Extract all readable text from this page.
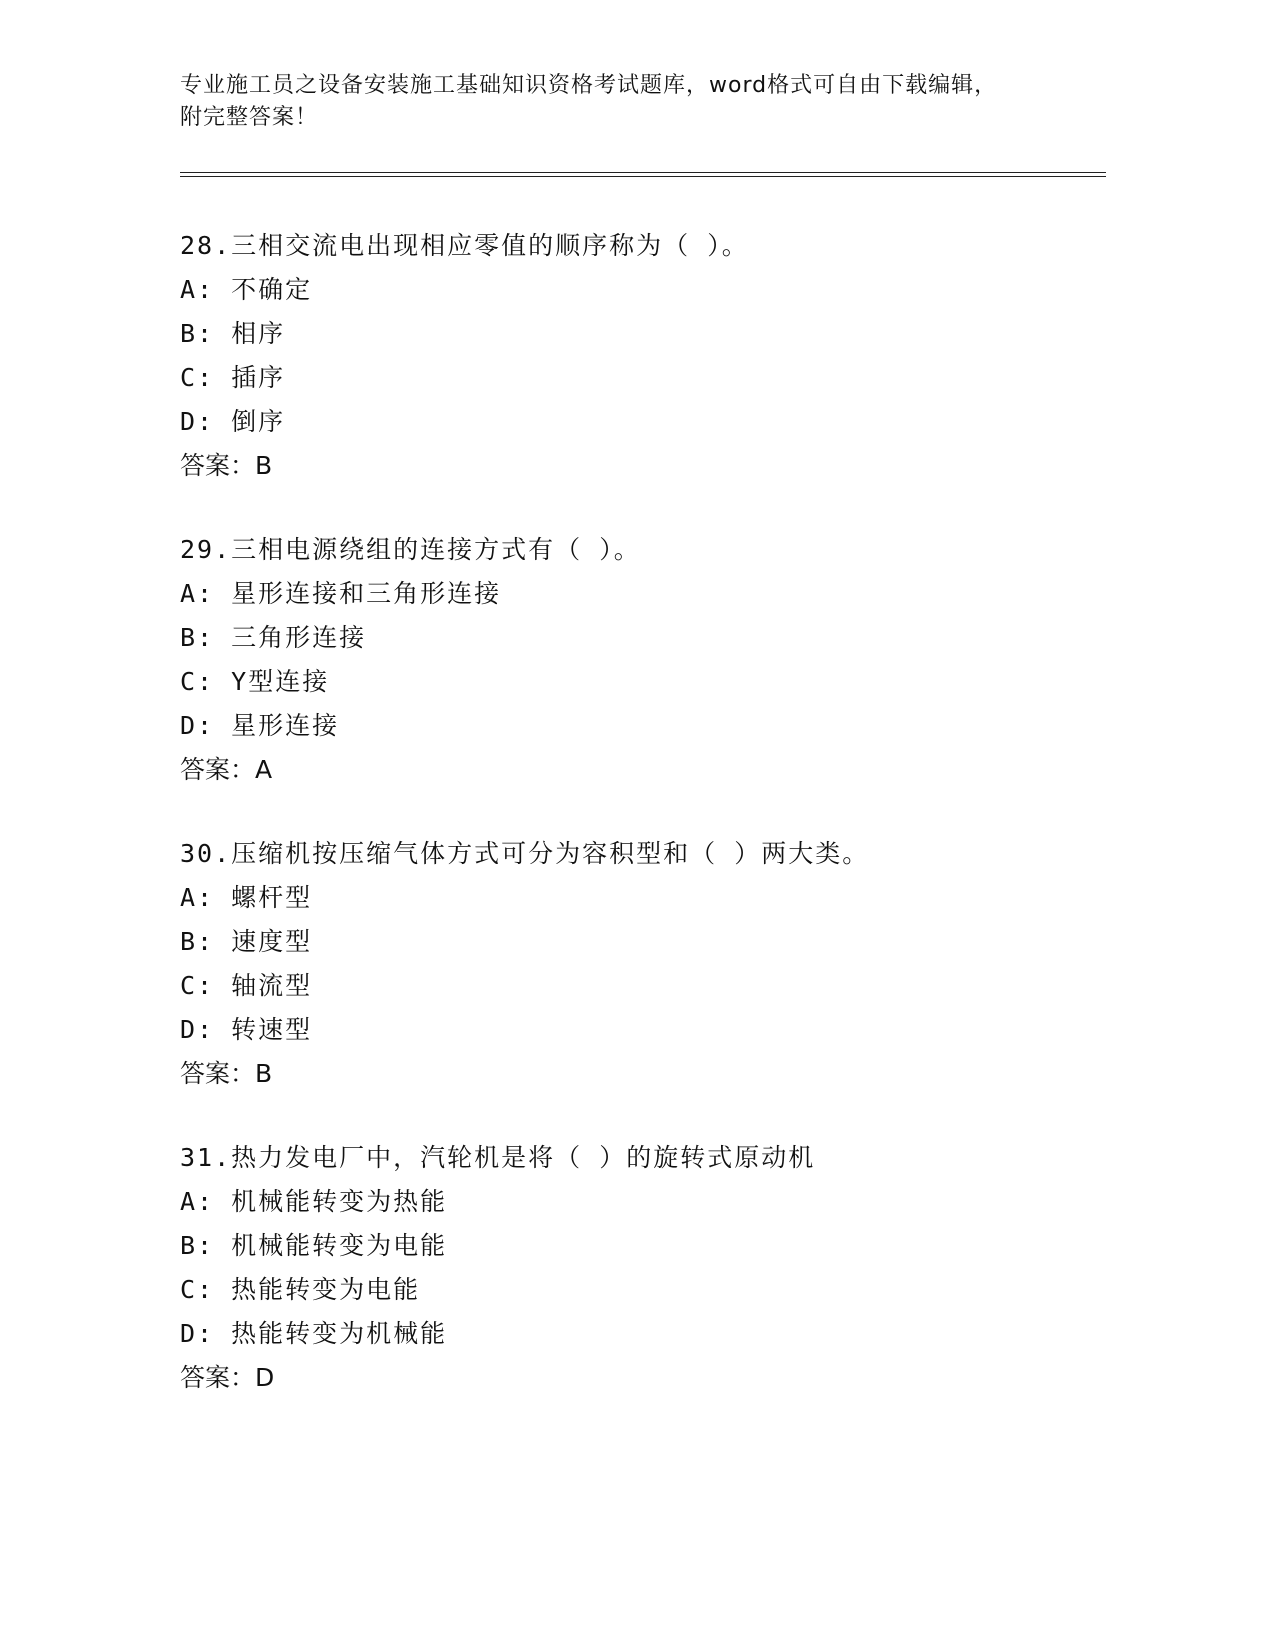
专业施工员之设备安装施工基础知识资格考试题库，word格式可自由下载编辑，
附完整答案！
28.三相交流电出现相应零值的顺序称为（ ）。
A: 不确定
B: 相序
C: 插序
D: 倒序
答案：B
29.三相电源绕组的连接方式有（ ）。
A: 星形连接和三角形连接
B: 三角形连接
C: Y型连接
D: 星形连接
答案：A
30.压缩机按压缩气体方式可分为容积型和（ ）两大类。
A: 螺杆型
B: 速度型
C: 轴流型
D: 转速型
答案：B
31.热力发电厂中，汽轮机是将（ ）的旋转式原动机
A: 机械能转变为热能
B: 机械能转变为电能
C: 热能转变为电能
D: 热能转变为机械能
答案：D
